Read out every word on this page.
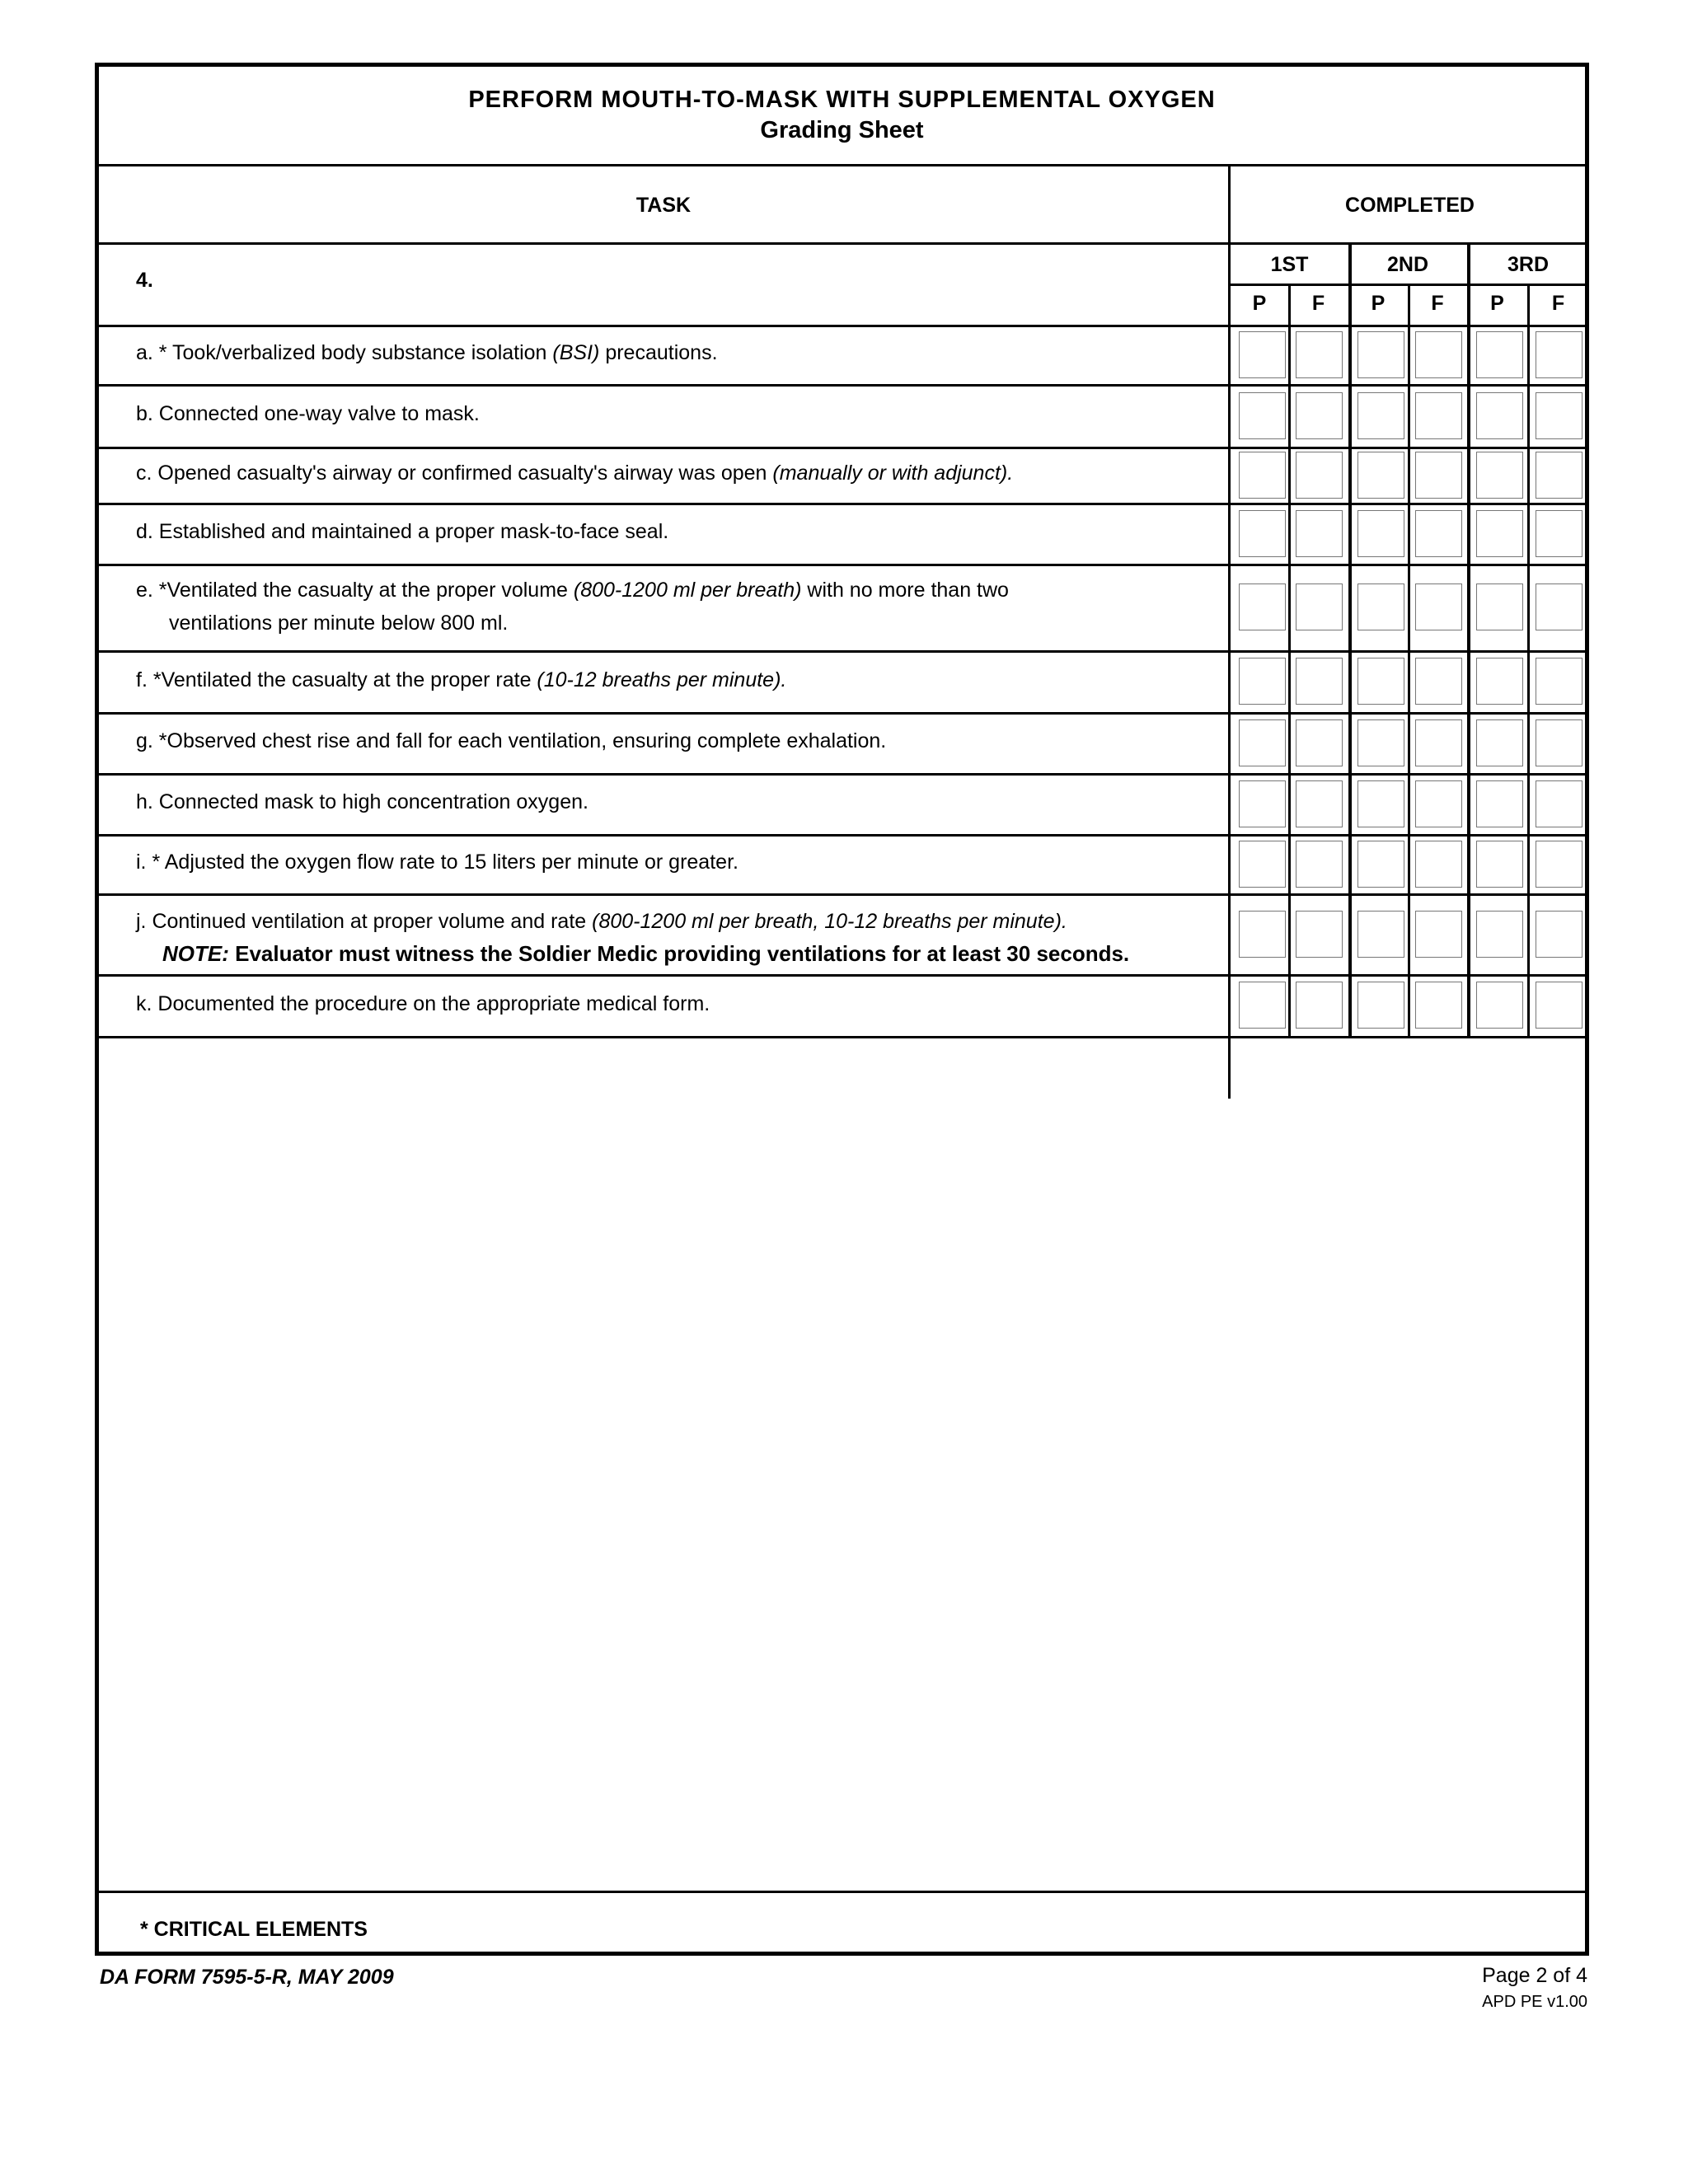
PERFORM MOUTH-TO-MASK WITH SUPPLEMENTAL OXYGEN
Grading Sheet
TASK	COMPLETED
1ST	2ND	3RD
P	F	P	F	P	F
4.
a. * Took/verbalized body substance isolation (BSI) precautions.
b. Connected one-way valve to mask.
c. Opened casualty's airway or confirmed casualty's airway was open (manually or with adjunct).
d. Established and maintained a proper mask-to-face seal.
e. *Ventilated the casualty at the proper volume (800-1200 ml per breath) with no more than two
ventilations per minute below 800 ml.
f. *Ventilated the casualty at the proper rate (10-12 breaths per minute).
g. *Observed chest rise and fall for each ventilation, ensuring complete exhalation.
h. Connected mask to high concentration oxygen.
i. * Adjusted the oxygen flow rate to 15 liters per minute or greater.
j. Continued ventilation at proper volume and rate (800-1200 ml per breath, 10-12 breaths per minute).
NOTE: Evaluator must witness the Soldier Medic providing ventilations for at least 30 seconds.
k. Documented the procedure on the appropriate medical form.
* CRITICAL ELEMENTS
DA FORM 7595-5-R, MAY 2009	Page 2 of 4
APD PE v1.00
